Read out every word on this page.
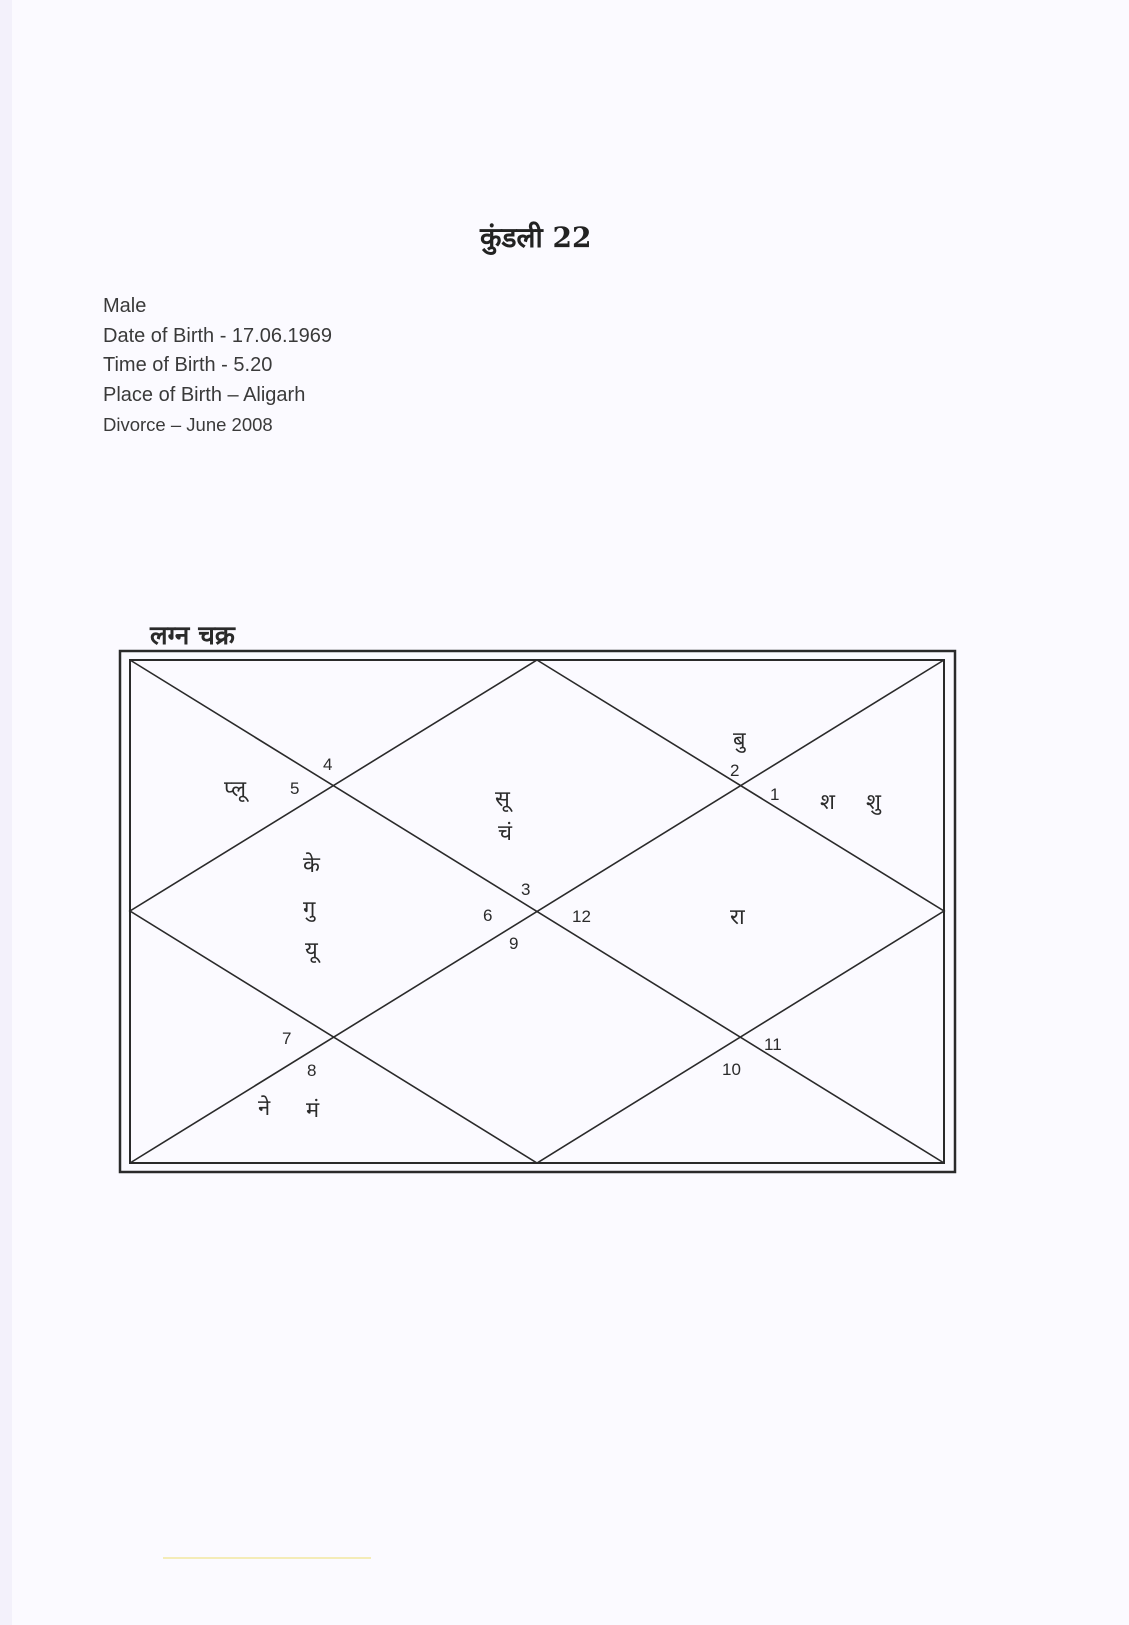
कुंडली 22
Male
Date of Birth - 17.06.1969
Time of Birth - 5.20
Place of Birth – Aligarh
Divorce – June 2008
लग्न चक्र
1
2
3
4
5
6
7
8
9
10
11
12
बु
श शु
प्लू	सू
चं
के
गु
यू
रा
ने मं
